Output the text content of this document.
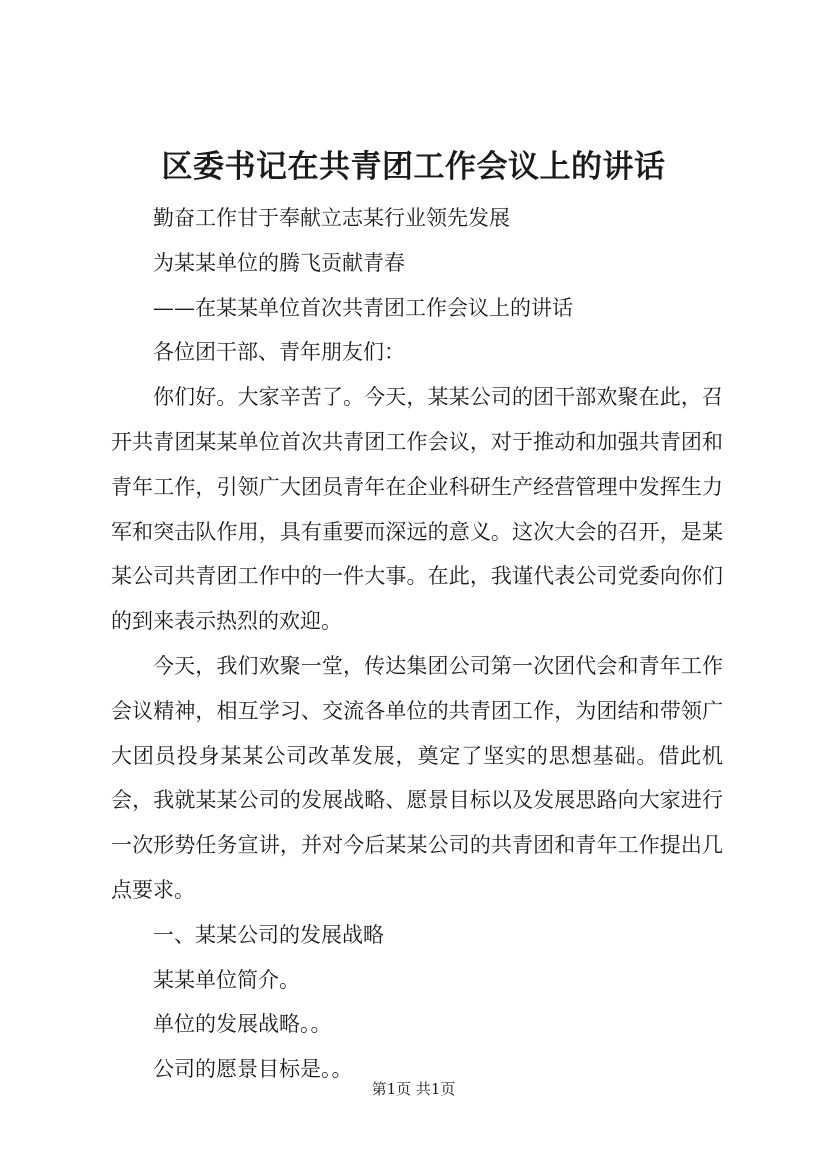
区委书记在共青团工作会议上的讲话

勤奋工作甘于奉献立志某行业领先发展

为某某单位的腾飞贡献青春

——在某某单位首次共青团工作会议上的讲话

各位团干部、青年朋友们：

你们好。大家辛苦了。今天，某某公司的团干部欢聚在此，召开共青团某某单位首次共青团工作会议，对于推动和加强共青团和青年工作，引领广大团员青年在企业科研生产经营管理中发挥生力军和突击队作用，具有重要而深远的意义。这次大会的召开，是某某公司共青团工作中的一件大事。在此，我谨代表公司党委向你们的到来表示热烈的欢迎。

今天，我们欢聚一堂，传达集团公司第一次团代会和青年工作会议精神，相互学习、交流各单位的共青团工作，为团结和带领广大团员投身某某公司改革发展，奠定了坚实的思想基础。借此机会，我就某某公司的发展战略、愿景目标以及发展思路向大家进行一次形势任务宣讲，并对今后某某公司的共青团和青年工作提出几点要求。

一、某某公司的发展战略

某某单位简介。

单位的发展战略。。

公司的愿景目标是。。

第1页 共1页
